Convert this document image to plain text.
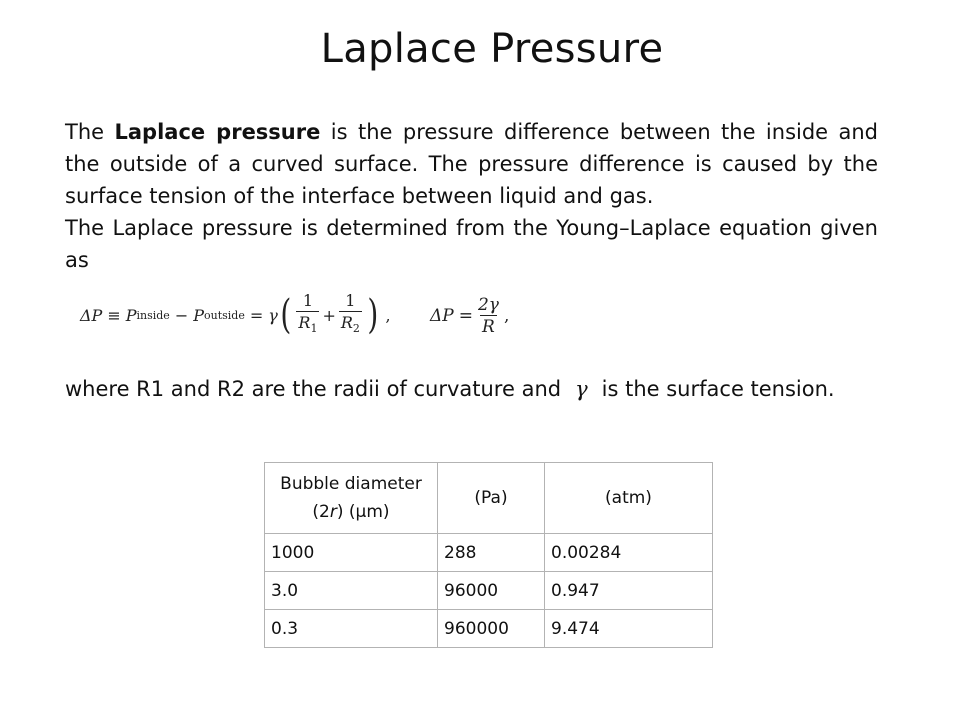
Laplace Pressure
The Laplace pressure is the pressure difference between the inside and the outside of a curved surface. The pressure difference is caused by the surface tension of the interface between liquid and gas.
The Laplace pressure is determined from the Young–Laplace equation given as
ΔP ≡ P inside − P outside = γ ( $\frac{1}{R_1} + \frac{1}{R_2}$ ) , $\Delta P = \frac{2\gamma}{R}$ ,
where R1 and R2 are the radii of curvature and γ is the surface tension.
Bubble diameter
(2r) (µm)	(Pa)	(atm)
1000	288	0.00284
3.0	96000	0.947
0.3	960000	9.474
